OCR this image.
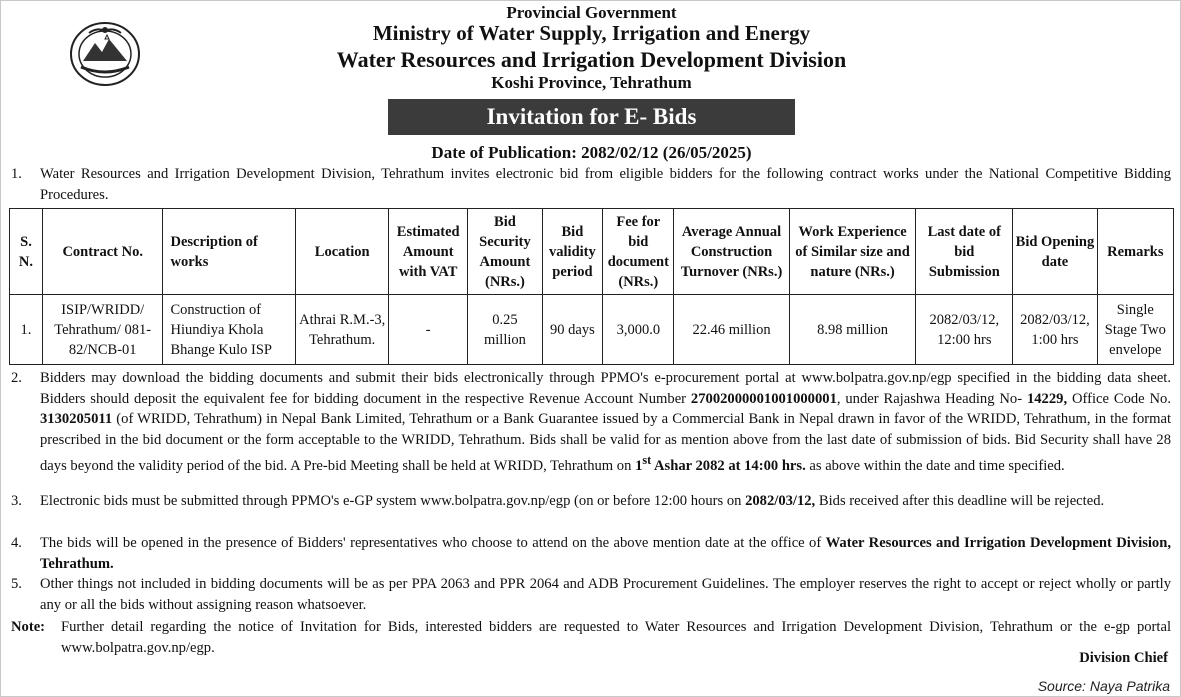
Provincial Government
Ministry of Water Supply, Irrigation and Energy
Water Resources and Irrigation Development Division
Koshi Province, Tehrathum
Invitation for E- Bids
Date of Publication: 2082/02/12 (26/05/2025)
1.	Water Resources and Irrigation Development Division, Tehrathum invites electronic bid from eligible bidders for the following contract works under the National Competitive Bidding Procedures.
S. N.	Contract No.	Description of works	Location	Estimated Amount with VAT	Bid Security Amount (NRs.)	Bid validity period	Fee for bid document (NRs.)	Average Annual Construction Turnover (NRs.)	Work Experience of Similar size and nature (NRs.)	Last date of bid Submission	Bid Opening date	Remarks
1.	ISIP/WRIDD/ Tehrathum/ 081-82/NCB-01	Construction of Hiundiya Khola Bhange Kulo ISP	Athrai R.M.-3, Tehrathum.	-	0.25 million	90 days	3,000.0	22.46 million	8.98 million	2082/03/12, 12:00 hrs	2082/03/12, 1:00 hrs	Single Stage Two envelope
2.	Bidders may download the bidding documents and submit their bids electronically through PPMO's e-procurement portal at www.bolpatra.gov.np/egp specified in the bidding data sheet. Bidders should deposit the equivalent fee for bidding document in the respective Revenue Account Number 27002000001001000001, under Rajashwa Heading No- 14229, Office Code No. 3130205011 (of WRIDD, Tehrathum) in Nepal Bank Limited, Tehrathum or a Bank Guarantee issued by a Commercial Bank in Nepal drawn in favor of the WRIDD, Tehrathum, in the format prescribed in the bid document or the form acceptable to the WRIDD, Tehrathum. Bids shall be valid for as mention above from the last date of submission of bids. Bid Security shall have 28 days beyond the validity period of the bid. A Pre-bid Meeting shall be held at WRIDD, Tehrathum on 1st Ashar 2082 at 14:00 hrs. as above within the date and time specified.
3.	Electronic bids must be submitted through PPMO's e-GP system www.bolpatra.gov.np/egp (on or before 12:00 hours on 2082/03/12, Bids received after this deadline will be rejected.
4.	The bids will be opened in the presence of Bidders' representatives who choose to attend on the above mention date at the office of Water Resources and Irrigation Development Division, Tehrathum.
5.	Other things not included in bidding documents will be as per PPA 2063 and PPR 2064 and ADB Procurement Guidelines. The employer reserves the right to accept or reject wholly or partly any or all the bids without assigning reason whatsoever.
Note:	Further detail regarding the notice of Invitation for Bids, interested bidders are requested to Water Resources and Irrigation Development Division, Tehrathum or the e-gp portal www.bolpatra.gov.np/egp.
Division Chief
Source: Naya Patrika
